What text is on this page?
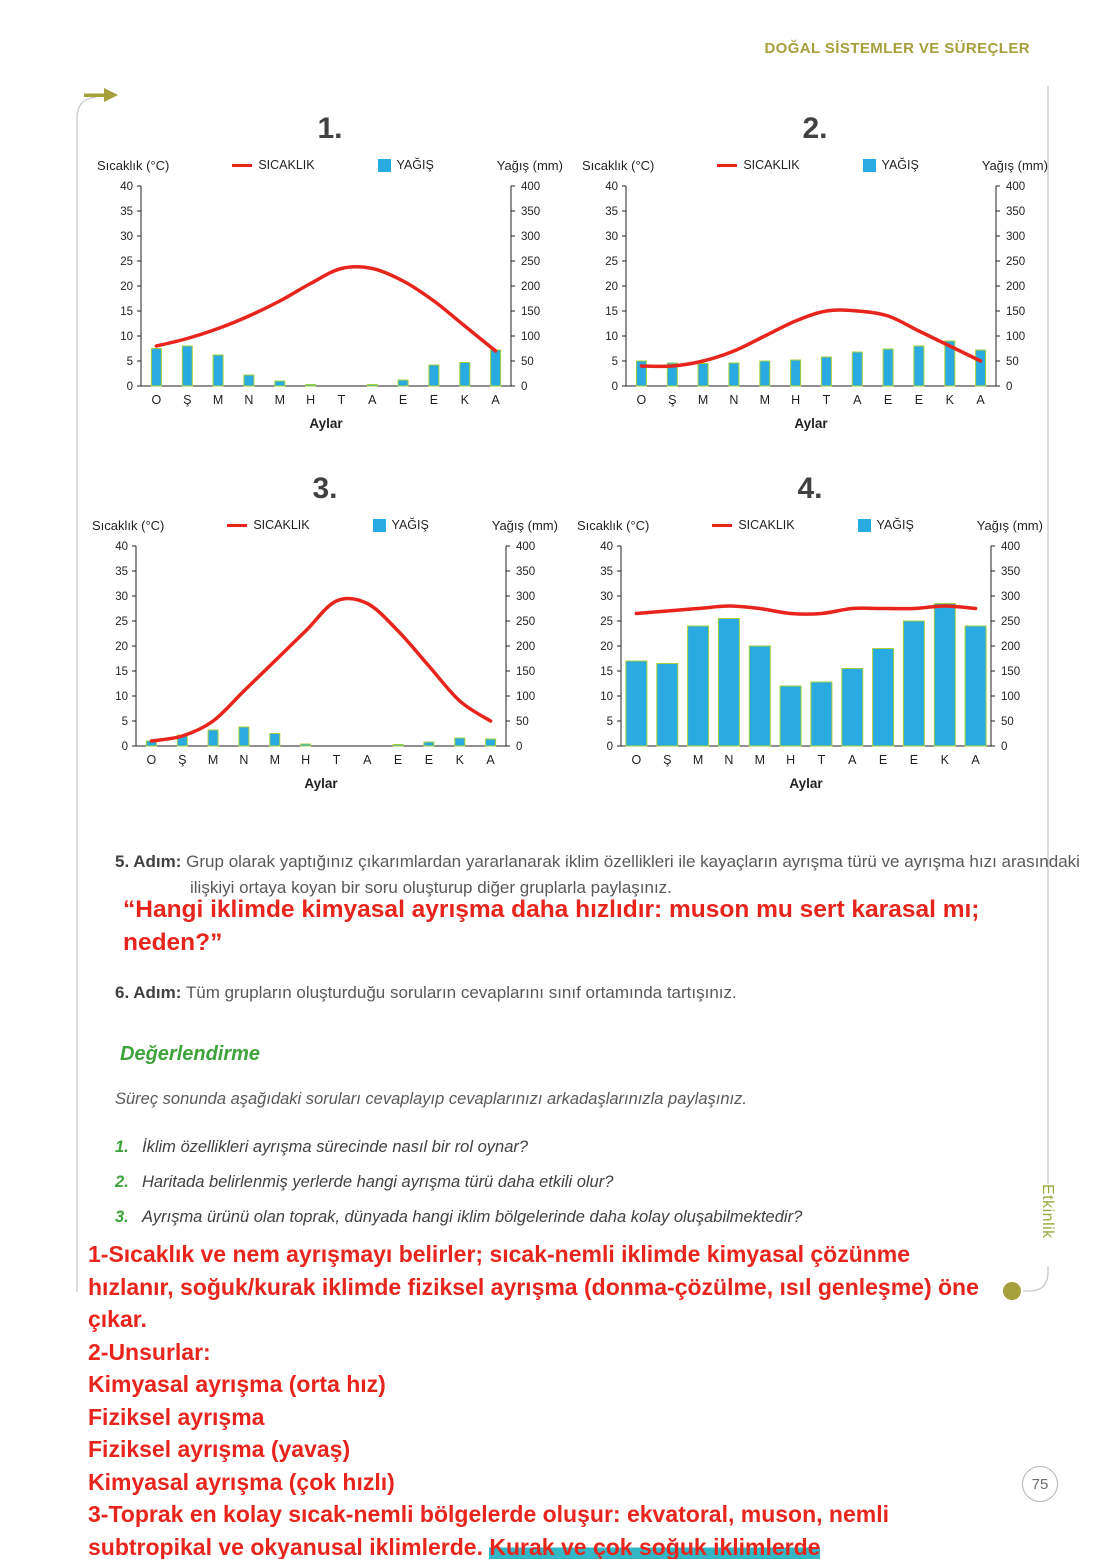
DOĞAL SİSTEMLER VE SÜREÇLER
1.
Sıcaklık (°C)	SICAKLIK	YAĞIŞ	Yağış (mm)
0
5
10
15
20
25
30
35
40
0
50
100
150
200
250
300
350
400
O Ş M N M H T A E E K A
Aylar
2.
Sıcaklık (°C)	SICAKLIK	YAĞIŞ	Yağış (mm)
0
5
10
15
20
25
30
35
40
0
50
100
150
200
250
300
350
400
O Ş M N M H T A E E K A
Aylar
3.
Sıcaklık (°C)	SICAKLIK	YAĞIŞ	Yağış (mm)
0
5
10
15
20
25
30
35
40
0
50
100
150
200
250
300
350
400
O Ş M N M H T A E E K A
Aylar
4.
Sıcaklık (°C)	SICAKLIK	YAĞIŞ	Yağış (mm)
0
5
10
15
20
25
30
35
40
0
50
100
150
200
250
300
350
400
O Ş M N M H T A E E K A
Aylar

5. Adım: Grup olarak yaptığınız çıkarımlardan yararlanarak iklim özellikleri ile kayaçların ayrışma türü ve ayrışma hızı arasındaki ilişkiyi ortaya koyan bir soru oluşturup diğer gruplarla paylaşınız.

“Hangi iklimde kimyasal ayrışma daha hızlıdır: muson mu sert karasal mı; neden?”

6. Adım: Tüm grupların oluşturduğu soruların cevaplarını sınıf ortamında tartışınız.

Değerlendirme
Süreç sonunda aşağıdaki soruları cevaplayıp cevaplarınızı arkadaşlarınızla paylaşınız.
1. İklim özellikleri ayrışma sürecinde nasıl bir rol oynar?
2. Haritada belirlenmiş yerlerde hangi ayrışma türü daha etkili olur?
3. Ayrışma ürünü olan toprak, dünyada hangi iklim bölgelerinde daha kolay oluşabilmektedir?
1-Sıcaklık ve nem ayrışmayı belirler; sıcak-nemli iklimde kimyasal çözünme hızlanır, soğuk/kurak iklimde fiziksel ayrışma (donma-çözülme, ısıl genleşme) öne çıkar.
2-Unsurlar:
Kimyasal ayrışma (orta hız)
Fiziksel ayrışma
Fiziksel ayrışma (yavaş)
Kimyasal ayrışma (çok hızlı)
3-Toprak en kolay sıcak-nemli bölgelerde oluşur: ekvatoral, muson, nemli subtropikal ve okyanusal iklimlerde. Kurak ve çok soğuk iklimlerde
Etkinlik
75
